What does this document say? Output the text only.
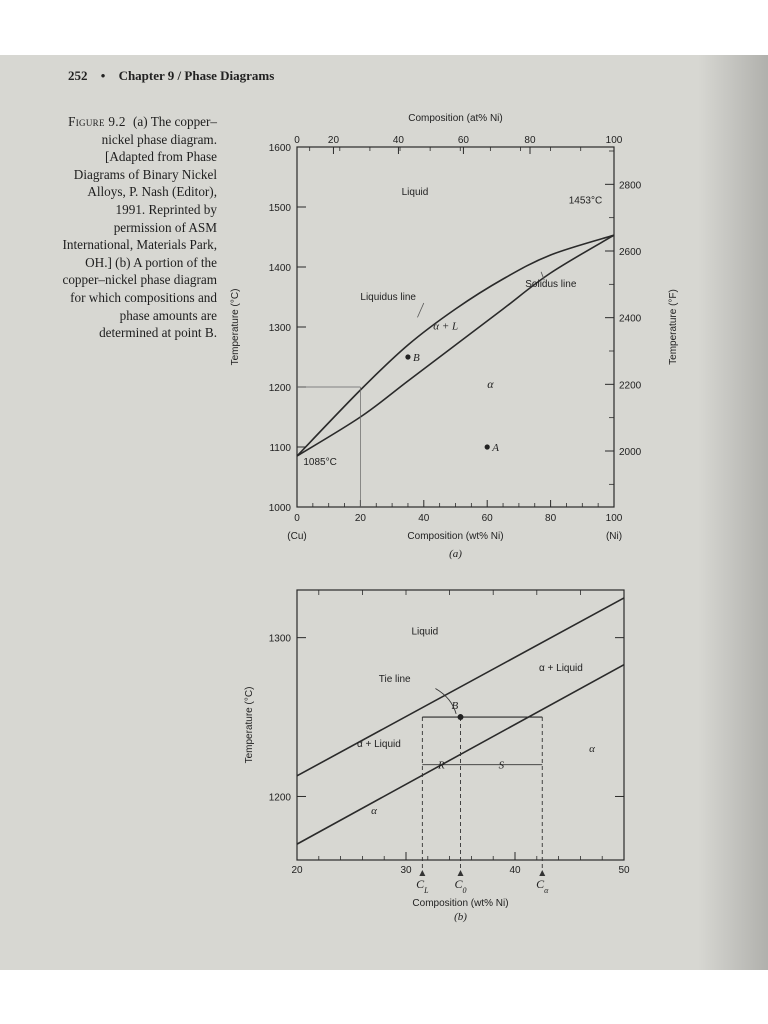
252 • Chapter 9 / Phase Diagrams
Figure 9.2 (a) The copper–nickel phase diagram. [Adapted from Phase Diagrams of Binary Nickel Alloys, P. Nash (Editor), 1991. Reprinted by permission of ASM International, Materials Park, OH.] (b) A portion of the copper–nickel phase diagram for which compositions and phase amounts are determined at point B.
0	20	40	60	80	100
(Cu)	(Ni)
Composition (wt% Ni)
(a)
0	20	40	60	80	100
Composition (at% Ni)
1000
1100
1200
1300
1400
1500
1600
Temperature (°C)
2000
2200
2400
2600
2800
Temperature (°F)
Liquidus line
Solidus line
Liquid
α + L
α
1453°C
1085°C
B
A
20	30	40	50
Composition (wt% Ni)
(b)
1200
1300
Temperature (°C)	B
Tie line
R	S
Liquid
α + Liquid
α + Liquid	α
α
$C_L$ $C_0$	$C_\alpha$
